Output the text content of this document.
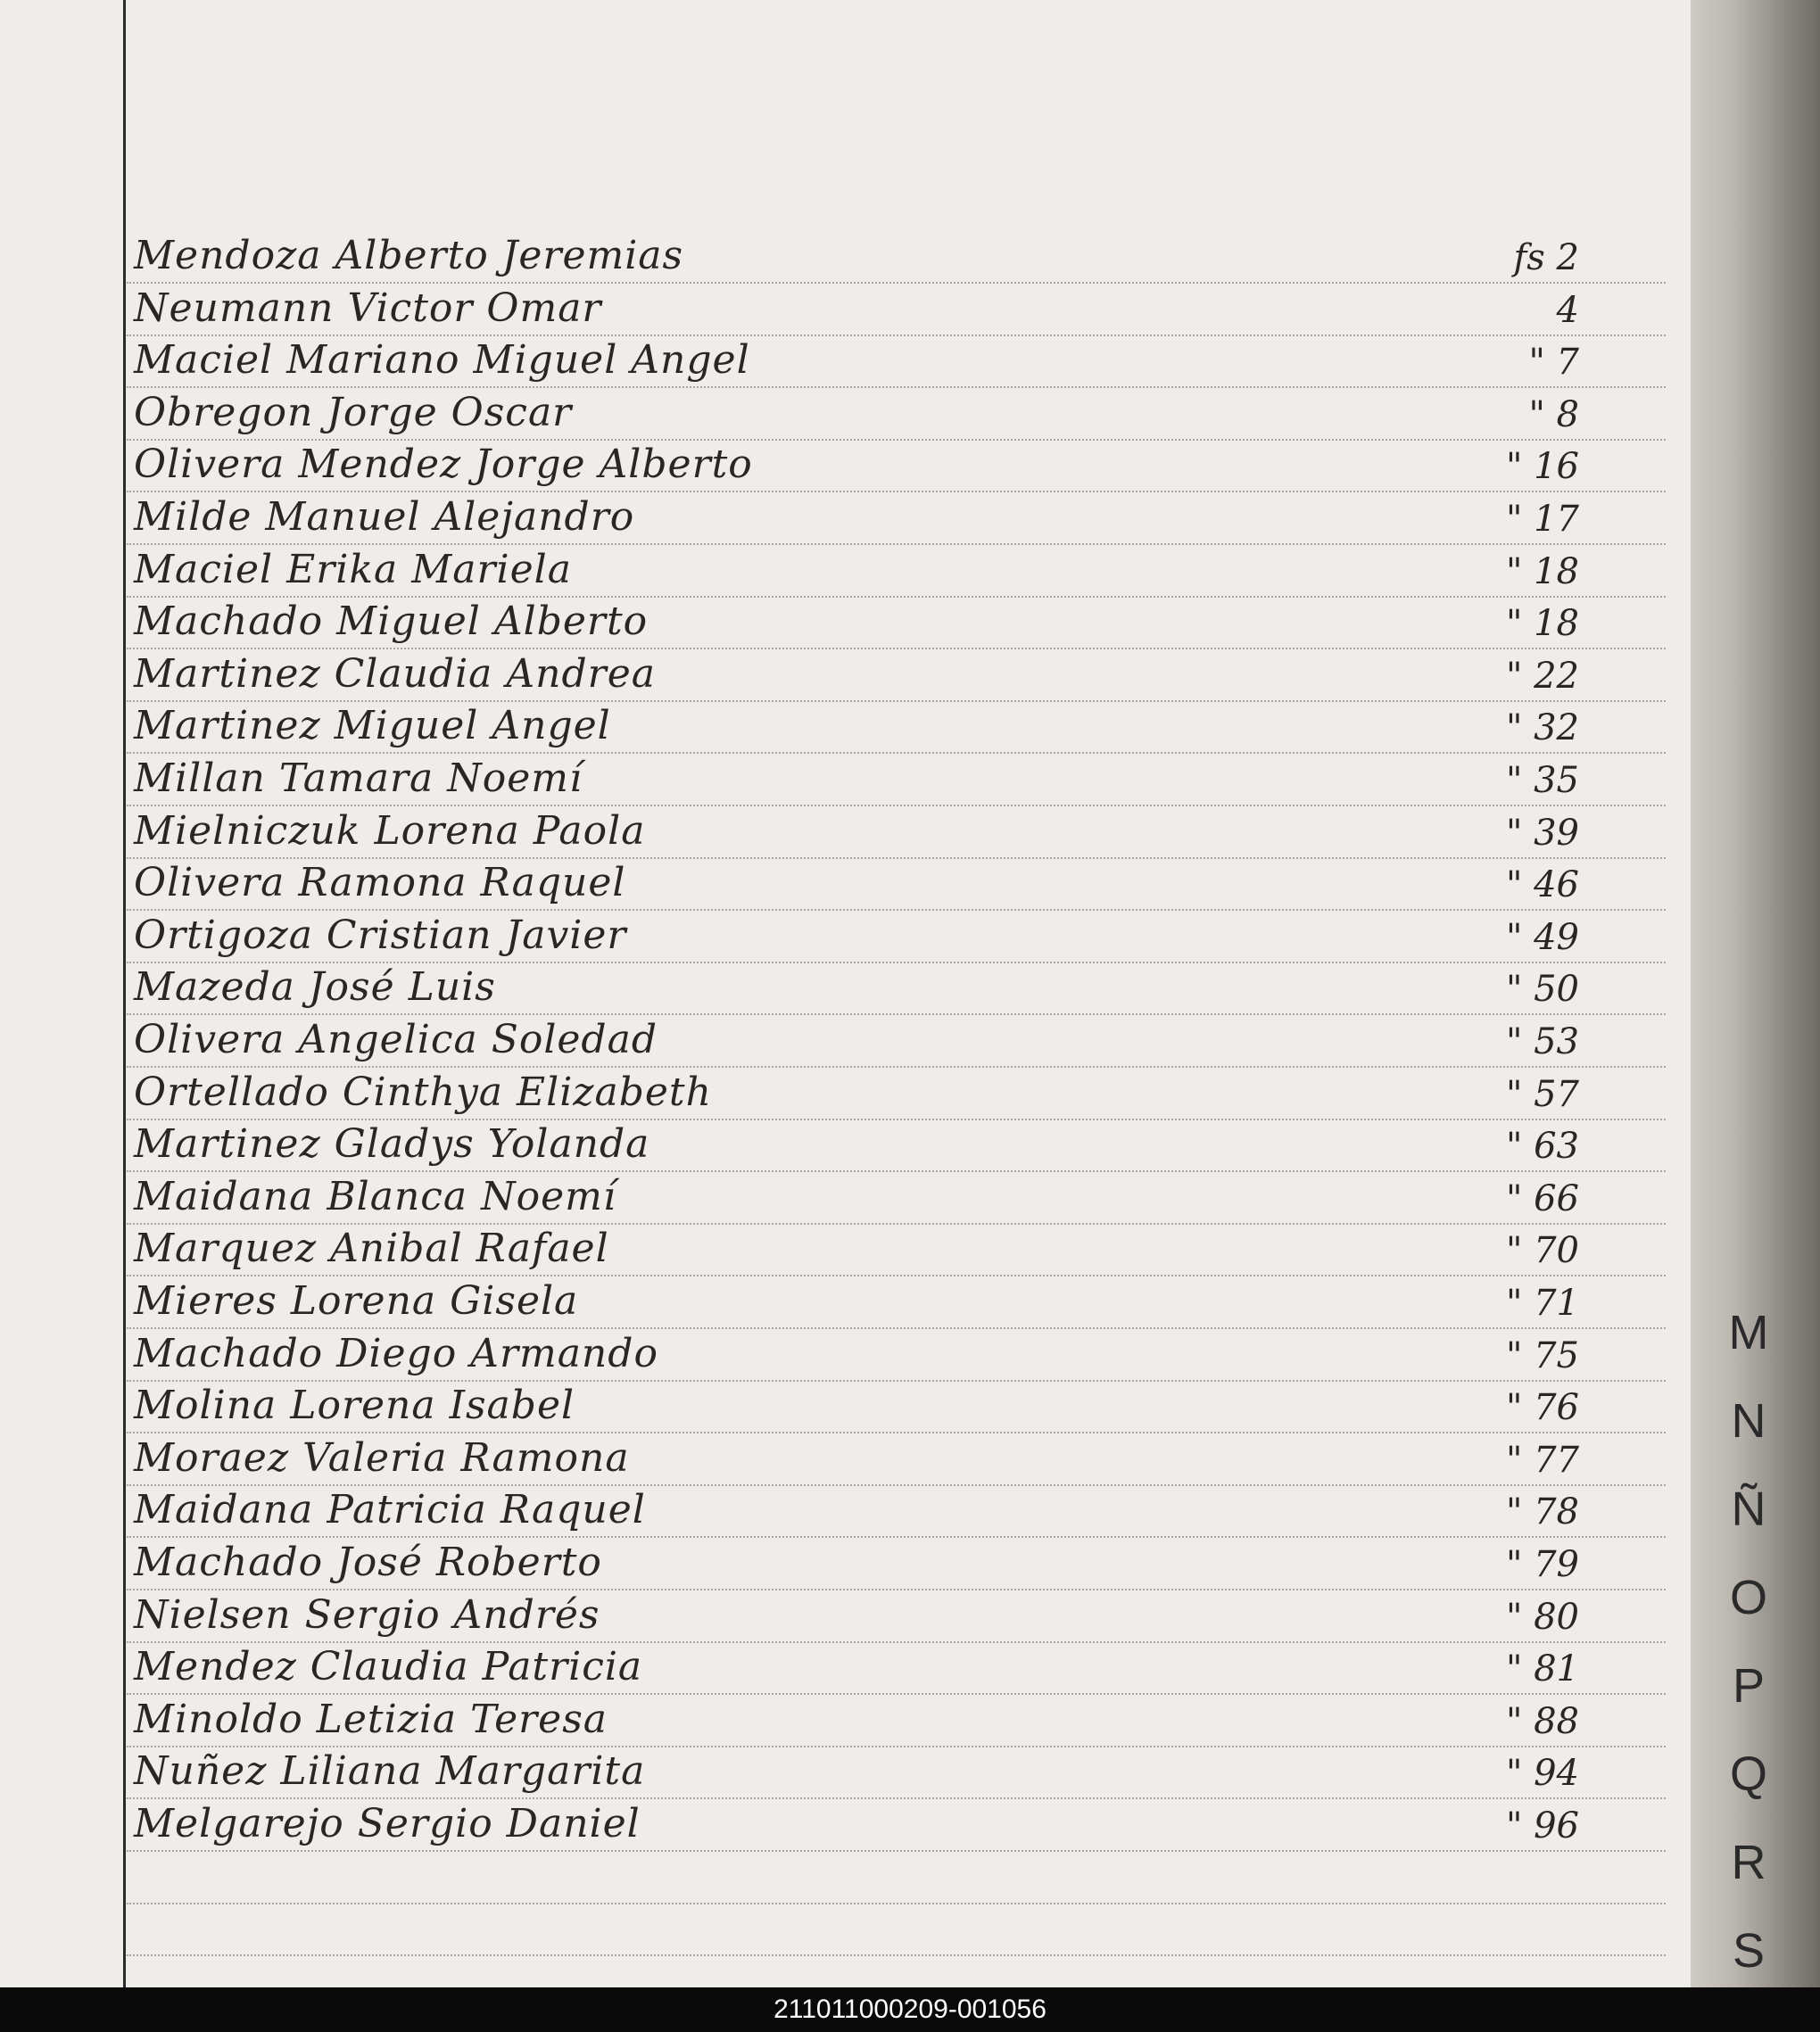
Mendoza Alberto Jeremias	fs 2
Neumann Victor Omar	4
Maciel Mariano Miguel Angel	" 7
Obregon Jorge Oscar	" 8
Olivera Mendez Jorge Alberto	" 16
Milde Manuel Alejandro	" 17
Maciel Erika Mariela	" 18
Machado Miguel Alberto	" 18
Martinez Claudia Andrea	" 22
Martinez Miguel Angel	" 32
Millan Tamara Noemí	" 35
Mielniczuk Lorena Paola	" 39
Olivera Ramona Raquel	" 46
Ortigoza Cristian Javier	" 49
Mazeda José Luis	" 50
Olivera Angelica Soledad	" 53
Ortellado Cinthya Elizabeth	" 57
Martinez Gladys Yolanda	" 63
Maidana Blanca Noemí	" 66
Marquez Anibal Rafael	" 70
Mieres Lorena Gisela	" 71
Machado Diego Armando	" 75
Molina Lorena Isabel	" 76
Moraez Valeria Ramona	" 77
Maidana Patricia Raquel	" 78
Machado José Roberto	" 79
Nielsen Sergio Andrés	" 80
Mendez Claudia Patricia	" 81
Minoldo Letizia Teresa	" 88
Nuñez Liliana Margarita	" 94
Melgarejo Sergio Daniel	" 96
M
N
Ñ
O
P
Q
R
S
211011000209-001056
